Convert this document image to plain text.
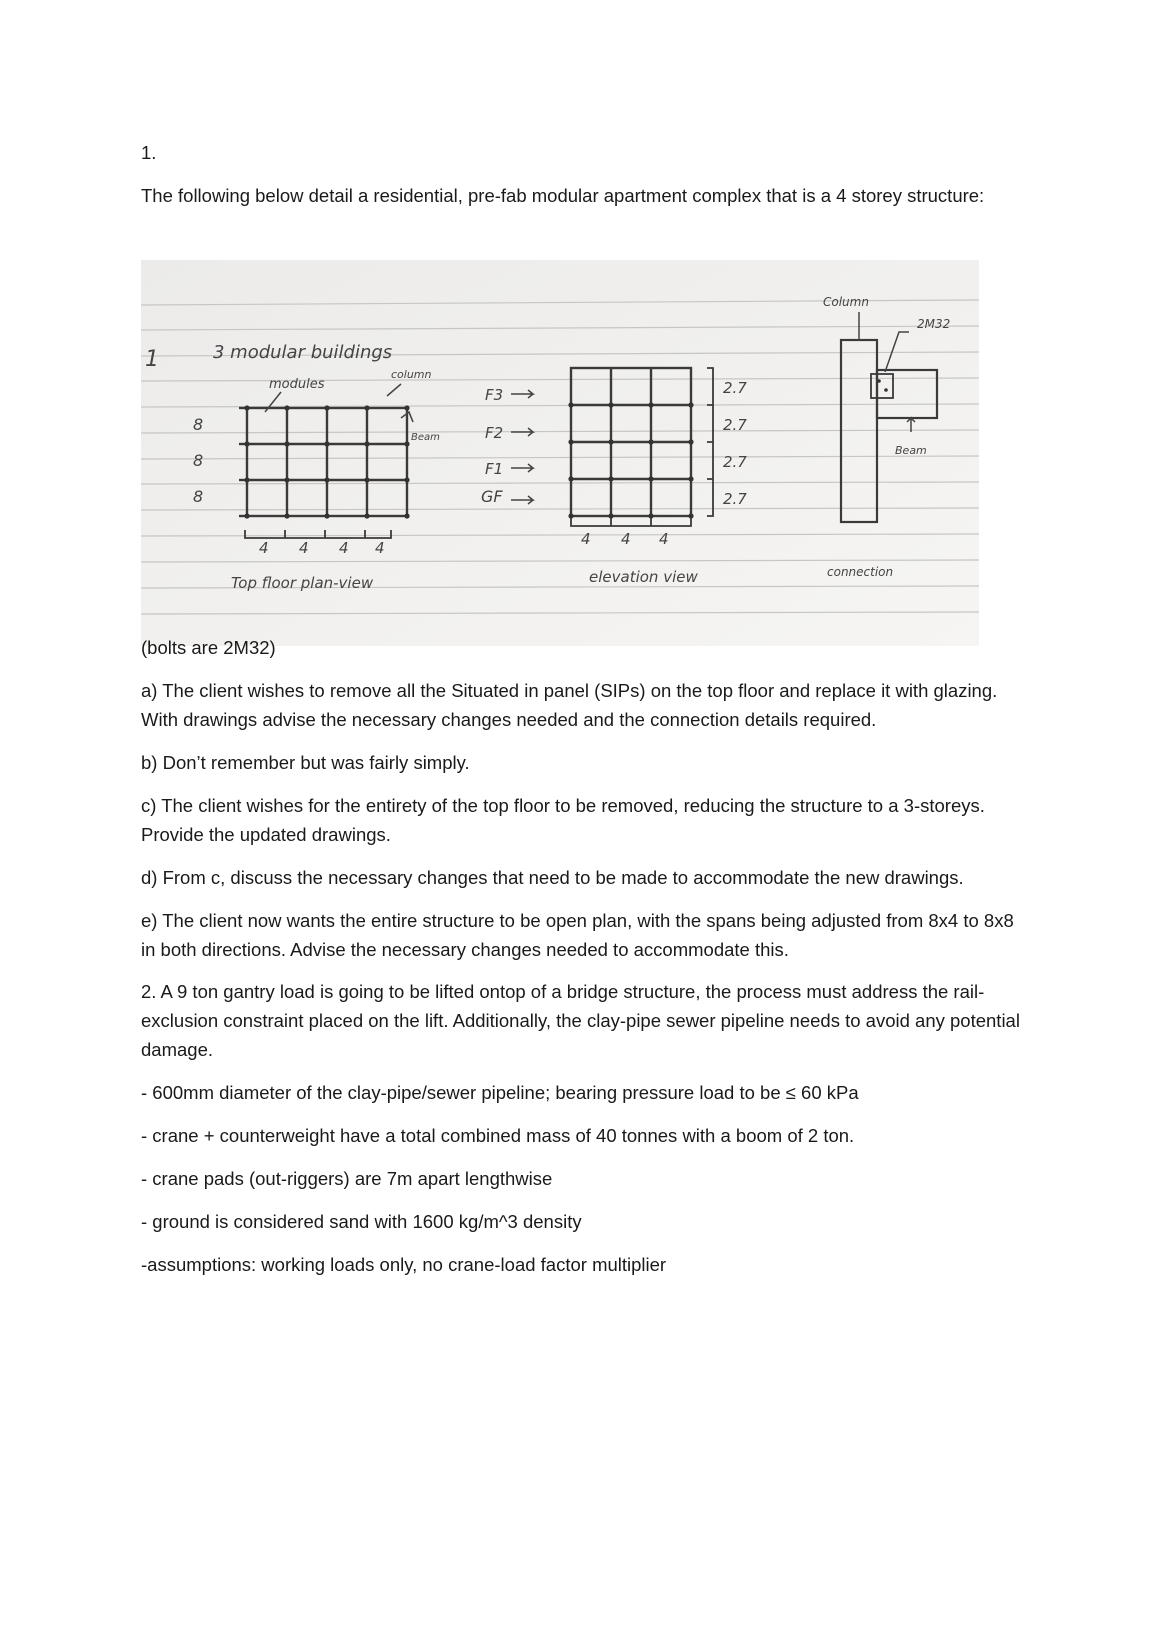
1.
The following below detail a residential, pre-fab modular apartment complex that is a 4 storey structure:
1	3 modular buildings
8
8
8
modules
column
Beam
4 4 4 4
Top floor plan-view
F3
F2
F1
GF
2.7
2.7
2.7
2.7
4 4 4
elevation view
Column
2M32
Beam
connection
(bolts are 2M32)
a) The client wishes to remove all the Situated in panel (SIPs) on the top floor and replace it with glazing. With drawings advise the necessary changes needed and the connection details required.
b) Don’t remember but was fairly simply.
c) The client wishes for the entirety of the top floor to be removed, reducing the structure to a 3-storeys. Provide the updated drawings.
d) From c, discuss the necessary changes that need to be made to accommodate the new drawings.
e) The client now wants the entire structure to be open plan, with the spans being adjusted from 8x4 to 8x8 in both directions. Advise the necessary changes needed to accommodate this.
2. A 9 ton gantry load is going to be lifted ontop of a bridge structure, the process must address the rail-exclusion constraint placed on the lift. Additionally, the clay-pipe sewer pipeline needs to avoid any potential damage.
- 600mm diameter of the clay-pipe/sewer pipeline; bearing pressure load to be ≤ 60 kPa
- crane + counterweight have a total combined mass of 40 tonnes with a boom of 2 ton.
- crane pads (out-riggers) are 7m apart lengthwise
- ground is considered sand with 1600 kg/m^3 density
-assumptions: working loads only, no crane-load factor multiplier
